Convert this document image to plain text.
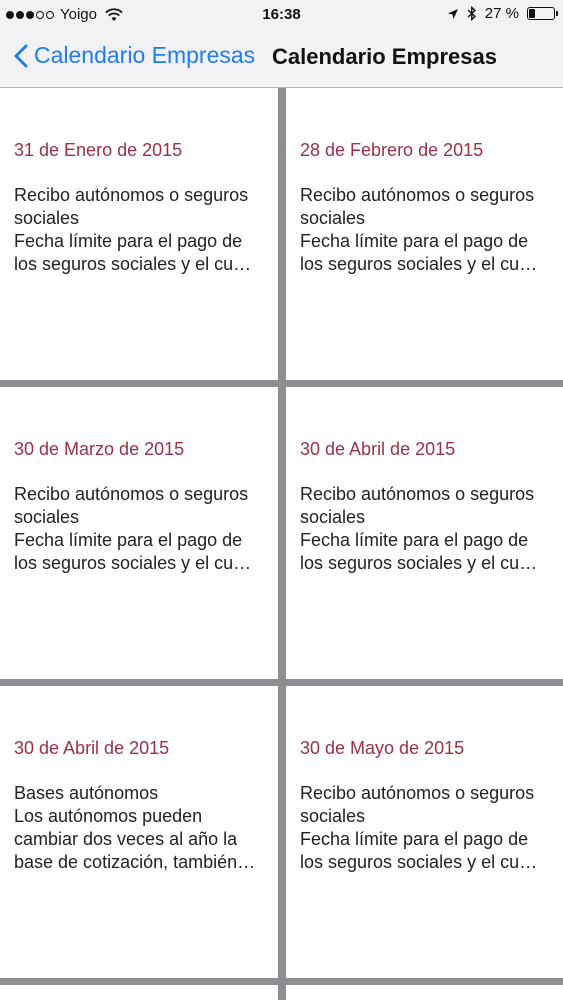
Yoigo	16:38	27 %
Calendario Empresas Calendario Empresas
31 de Enero de 2015
Recibo autónomos o seguros
sociales
Fecha límite para el pago de
los seguros sociales y el cu…
28 de Febrero de 2015
Recibo autónomos o seguros
sociales
Fecha límite para el pago de
los seguros sociales y el cu…
30 de Marzo de 2015
Recibo autónomos o seguros
sociales
Fecha límite para el pago de
los seguros sociales y el cu…
30 de Abril de 2015
Recibo autónomos o seguros
sociales
Fecha límite para el pago de
los seguros sociales y el cu…
30 de Abril de 2015
Bases autónomos
Los autónomos pueden
cambiar dos veces al año la
base de cotización, también…
30 de Mayo de 2015
Recibo autónomos o seguros
sociales
Fecha límite para el pago de
los seguros sociales y el cu…
